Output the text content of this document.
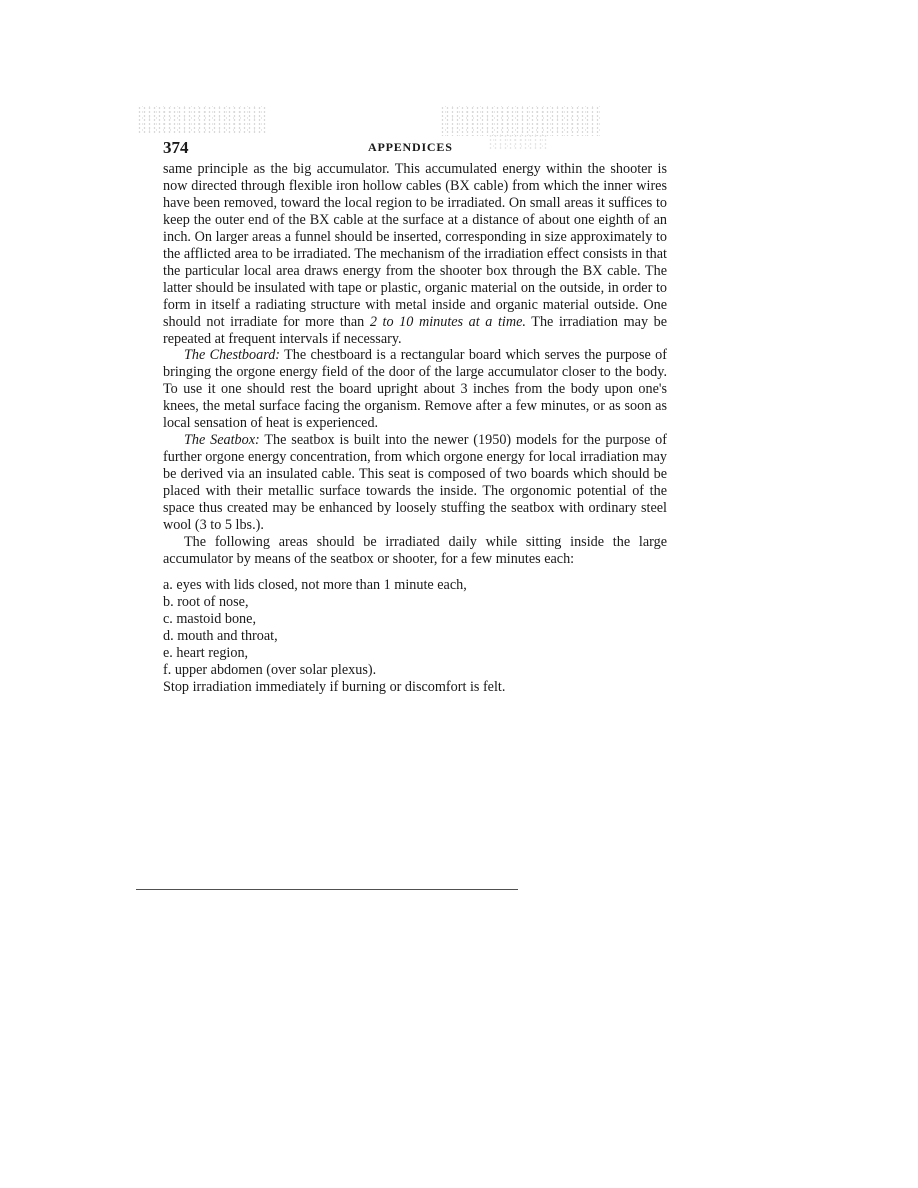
374	APPENDICES

same principle as the big accumulator. This accumulated energy within the shooter is now directed through flexible iron hollow cables (BX cable) from which the inner wires have been removed, toward the local region to be irradiated. On small areas it suffices to keep the outer end of the BX cable at the surface at a distance of about one eighth of an inch. On larger areas a funnel should be inserted, corresponding in size approximately to the afflicted area to be irradiated. The mechanism of the irradiation effect consists in that the particular local area draws energy from the shooter box through the BX cable. The latter should be insulated with tape or plastic, organic material on the outside, in order to form in itself a radiating structure with metal inside and organic material outside. One should not irradiate for more than 2 to 10 minutes at a time. The irradiation may be repeated at frequent intervals if necessary.

The Chestboard: The chestboard is a rectangular board which serves the purpose of bringing the orgone energy field of the door of the large accumulator closer to the body. To use it one should rest the board upright about 3 inches from the body upon one's knees, the metal surface facing the organism. Remove after a few minutes, or as soon as local sensation of heat is experienced.

The Seatbox: The seatbox is built into the newer (1950) models for the purpose of further orgone energy concentration, from which orgone energy for local irradiation may be derived via an insulated cable. This seat is composed of two boards which should be placed with their metallic surface towards the inside. The orgonomic potential of the space thus created may be enhanced by loosely stuffing the seatbox with ordinary steel wool (3 to 5 lbs.).

The following areas should be irradiated daily while sitting inside the large accumulator by means of the seatbox or shooter, for a few minutes each:

a. eyes with lids closed, not more than 1 minute each,
b. root of nose,
c. mastoid bone,
d. mouth and throat,
e. heart region,
f. upper abdomen (over solar plexus).

Stop irradiation immediately if burning or discomfort is felt.
